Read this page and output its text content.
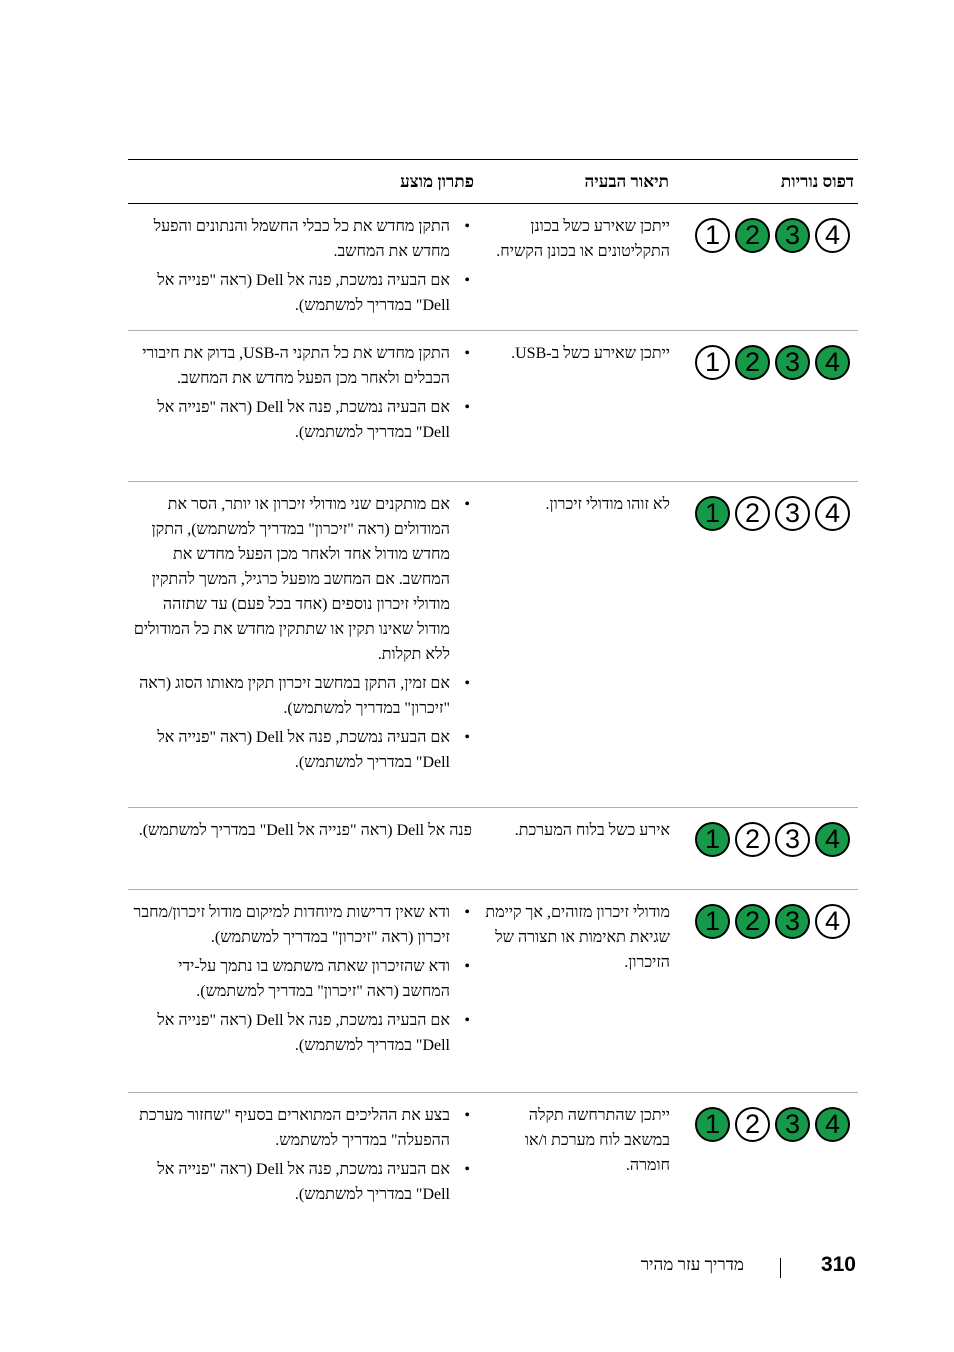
דפוס נוריות
תיאור הבעיה
פתרון מוצע
1 2 3 4
ייתכן שאירע כשל בכונן התקליטונים או בכונן הקשיח.
• התקן מחדש את כל כבלי החשמל והנתונים והפעל מחדש את המחשב.
• אם הבעיה נמשכת, פנה אל Dell (ראה "פנייה אל Dell" במדריך למשתמש).
1 2 3 4
ייתכן שאירע כשל ב-USB.
• התקן מחדש את כל התקני ה-USB, בדוק את חיבורי הכבלים ולאחר מכן הפעל מחדש את המחשב.
• אם הבעיה נמשכת, פנה אל Dell (ראה "פנייה אל Dell" במדריך למשתמש).
1 2 3 4
לא זוהו מודולי זיכרון.
• אם מותקנים שני מודולי זיכרון או יותר, הסר את המודולים (ראה "זיכרון" במדריך למשתמש), התקן מחדש מודול אחד ולאחר מכן הפעל מחדש את המחשב. אם המחשב מופעל כרגיל, המשך להתקין מודולי זיכרון נוספים (אחד בכל פעם) עד שתזהה מודול שאינו תקין או שתתקין מחדש את כל המודולים ללא תקלות.
• אם זמין, התקן במחשב זיכרון תקין מאותו הסוג (ראה "זיכרון" במדריך למשתמש).
• אם הבעיה נמשכת, פנה אל Dell (ראה "פנייה אל Dell" במדריך למשתמש).
1 2 3 4
אירע כשל בלוח המערכת.
פנה אל Dell (ראה "פנייה אל Dell" במדריך למשתמש).
1 2 3 4
מודולי זיכרון מזוהים, אך קיימת שגיאת תאימות או תצורה של הזיכרון.
• ודא שאין דרישות מיוחדות למיקום מודול זיכרון/מחבר זיכרון (ראה "זיכרון" במדריך למשתמש).
• ודא שהזיכרון שאתה משתמש בו נתמך על-ידי המחשב (ראה "זיכרון" במדריך למשתמש).
• אם הבעיה נמשכת, פנה אל Dell (ראה "פנייה אל Dell" במדריך למשתמש).
1 2 3 4
ייתכן שהתרחשה תקלה במשאב לוח מערכת ו/או חומרה.
• בצע את ההליכים המתוארים בסעיף "שחזור מערכת ההפעלה" במדריך למשתמש.
• אם הבעיה נמשכת, פנה אל Dell (ראה "פנייה אל Dell" במדריך למשתמש).
310
מדריך עזר מהיר
